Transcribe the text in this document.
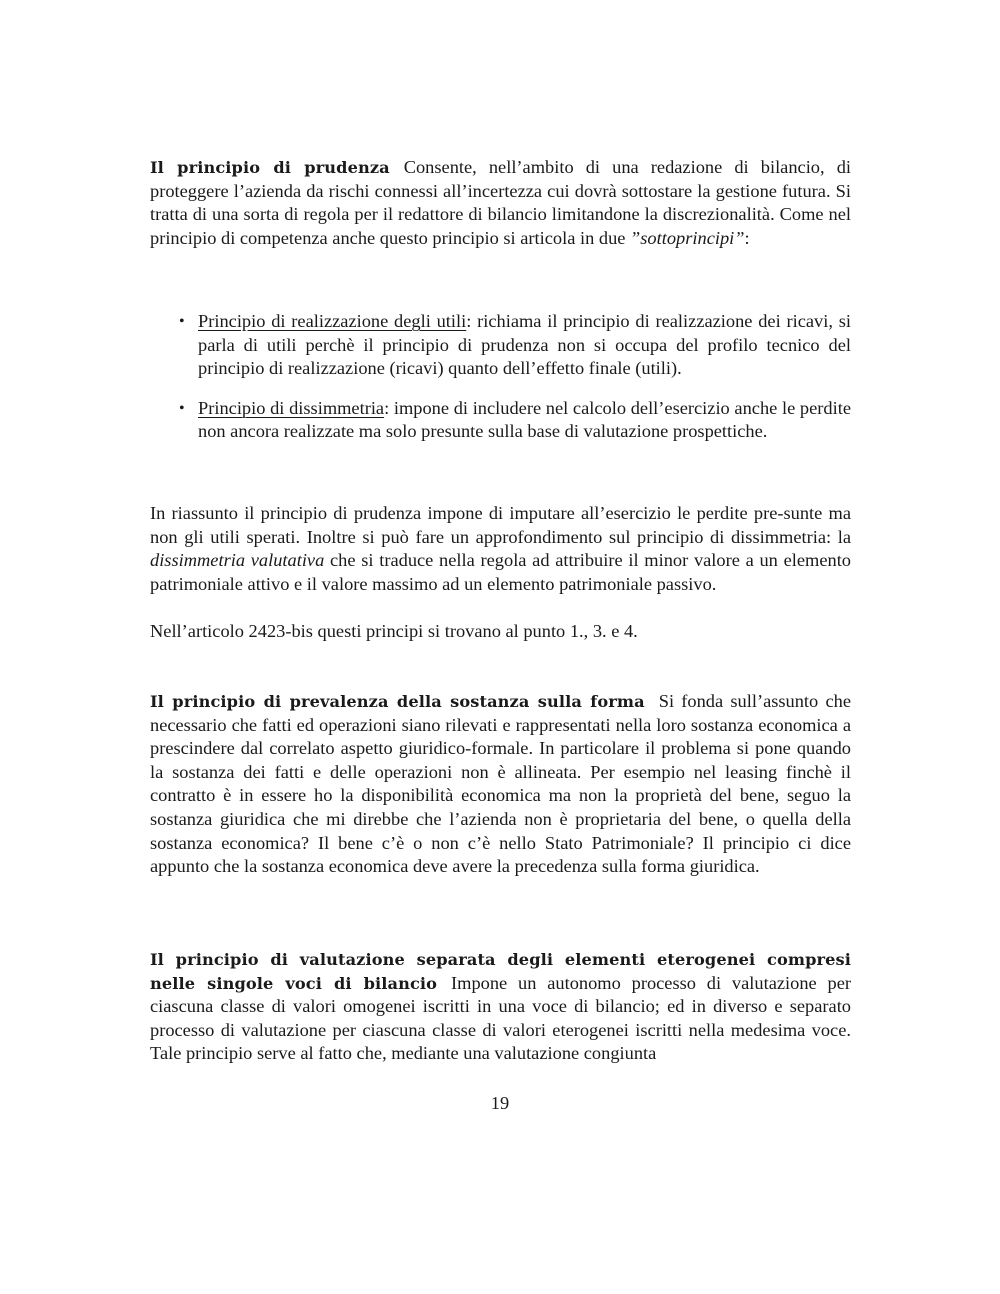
Il principio di prudenza Consente, nell’ambito di una redazione di bilancio, di proteggere l’azienda da rischi connessi all’incertezza cui dovrà sottostare la gestione futura. Si tratta di una sorta di regola per il redattore di bilancio limitandone la discrezionalità. Come nel principio di competenza anche questo principio si articola in due ”sottoprincipi”:

• Principio di realizzazione degli utili: richiama il principio di realizzazione dei ricavi, si parla di utili perchè il principio di prudenza non si occupa del profilo tecnico del principio di realizzazione (ricavi) quanto dell’effetto finale (utili).
• Principio di dissimmetria: impone di includere nel calcolo dell’esercizio anche le perdite non ancora realizzate ma solo presunte sulla base di valutazione prospettiche.

In riassunto il principio di prudenza impone di imputare all’esercizio le perdite pre-sunte ma non gli utili sperati. Inoltre si può fare un approfondimento sul principio di dissimmetria: la dissimmetria valutativa che si traduce nella regola ad attribuire il minor valore a un elemento patrimoniale attivo e il valore massimo ad un elemento patrimoniale passivo.

Nell’articolo 2423-bis questi principi si trovano al punto 1., 3. e 4.

Il principio di prevalenza della sostanza sulla forma Si fonda sull’assunto che necessario che fatti ed operazioni siano rilevati e rappresentati nella loro sostanza economica a prescindere dal correlato aspetto giuridico-formale. In particolare il problema si pone quando la sostanza dei fatti e delle operazioni non è allineata. Per esempio nel leasing finchè il contratto è in essere ho la disponibilità economica ma non la proprietà del bene, seguo la sostanza giuridica che mi direbbe che l’azienda non è proprietaria del bene, o quella della sostanza economica? Il bene c’è o non c’è nello Stato Patrimoniale? Il principio ci dice appunto che la sostanza economica deve avere la precedenza sulla forma giuridica.

Il principio di valutazione separata degli elementi eterogenei compresi nelle singole voci di bilancio Impone un autonomo processo di valutazione per ciascuna classe di valori omogenei iscritti in una voce di bilancio; ed in diverso e separato processo di valutazione per ciascuna classe di valori eterogenei iscritti nella medesima voce. Tale principio serve al fatto che, mediante una valutazione congiunta

19
